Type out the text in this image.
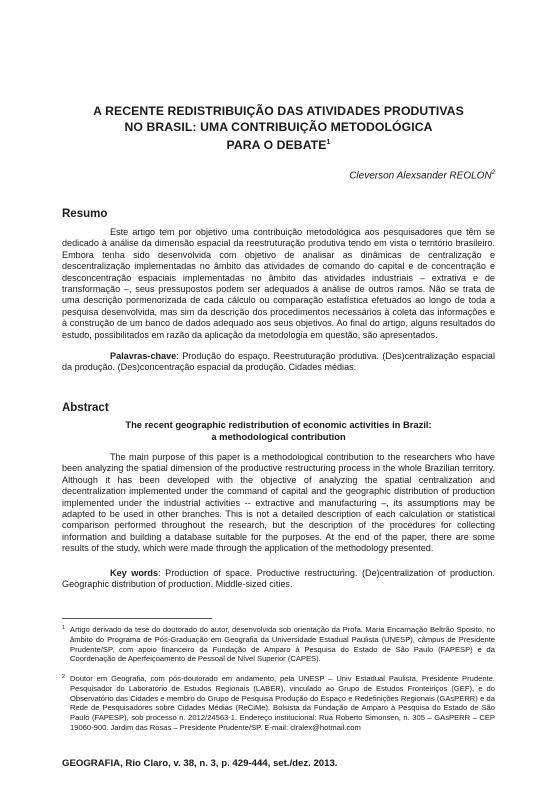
A RECENTE REDISTRIBUIÇÃO DAS ATIVIDADES PRODUTIVAS
NO BRASIL: UMA CONTRIBUIÇÃO METODOLÓGICA
PARA O DEBATE$^1$
Cleverson Alexsander REOLON$^2$
Resumo

Este artigo tem por objetivo uma contribuição metodológica aos pesquisadores que têm se dedicado à análise da dimensão espacial da reestruturação produtiva tendo em vista o território brasileiro. Embora tenha sido desenvolvida com objetivo de analisar as dinâmicas de centralização e descentralização implementadas no âmbito das atividades de comando do capital e de concentração e desconcentração espaciais implementadas no âmbito das atividades industriais – extrativa e de transformação –, seus pressupostos podem ser adequados à análise de outros ramos. Não se trata de uma descrição pormenorizada de cada cálculo ou comparação estatística efetuados ao longo de toda a pesquisa desenvolvida, mas sim da descrição dos procedimentos necessários à coleta das informações e à construção de um banco de dados adequado aos seus objetivos. Ao final do artigo, alguns resultados do estudo, possibilitados em razão da aplicação da metodologia em questão, são apresentados.

Palavras-chave: Produção do espaço. Reestruturação produtiva. (Des)centralização espacial da produção. (Des)concentração espacial da produção. Cidades médias.

Abstract
The recent geographic redistribution of economic activities in Brazil:
a methodological contribution

The main purpose of this paper is a methodological contribution to the researchers who have been analyzing the spatial dimension of the productive restructuring process in the whole Brazilian territory. Although it has been developed with the objective of analyzing the spatial centralization and decentralization implemented under the command of capital and the geographic distribution of production implemented under the industrial activities -- extractive and manufacturing –, its assumptions may be adapted to be used in other branches. This is not a detailed description of each calculation or statistical comparison performed throughout the research, but the description of the procedures for collecting information and building a database suitable for the purposes. At the end of the paper, there are some results of the study, which were made through the application of the methodology presented.

Key words: Production of space. Productive restructuring. (De)centralization of production. Geographic distribution of production. Middle-sized cities.

1 Artigo derivado da tese do doutorado do autor, desenvolvida sob orientação da Profa. Maria Encarnação Beltrão Sposito, no âmbito do Programa de Pós-Graduação em Geografia da Universidade Estadual Paulista (UNESP), câmpus de Presidente Prudente/SP, com apoio financeiro da Fundação de Amparo à Pesquisa do Estado de São Paulo (FAPESP) e da Coordenação de Aperfeiçoamento de Pessoal de Nível Superior (CAPES).
2 Doutor em Geografia, com pós-doutorado em andamento, pela UNESP – Univ Estadual Paulista, Presidente Prudente. Pesquisador do Laboratório de Estudos Regionais (LABER), vinculado ao Grupo de Estudos Fronteiriços (GEF), e do Observatório das Cidades e membro do Grupo de Pesquisa Produção do Espaço e Redefinições Regionais (GAsPERR) e da Rede de Pesquisadores sobre Cidades Médias (ReCiMe). Bolsista da Fundação de Amparo à Pesquisa do Estado de São Paulo (FAPESP), sob processo n. 2012/24563-1. Endereço institucional: Rua Roberto Simonsen, n. 305 – GAsPERR – CEP 19060-900. Jardim das Rosas – Presidente Prudente/SP. E-mail: clralex@hotmail.com
GEOGRAFIA, Rio Claro, v. 38, n. 3, p. 429-444, set./dez. 2013.
